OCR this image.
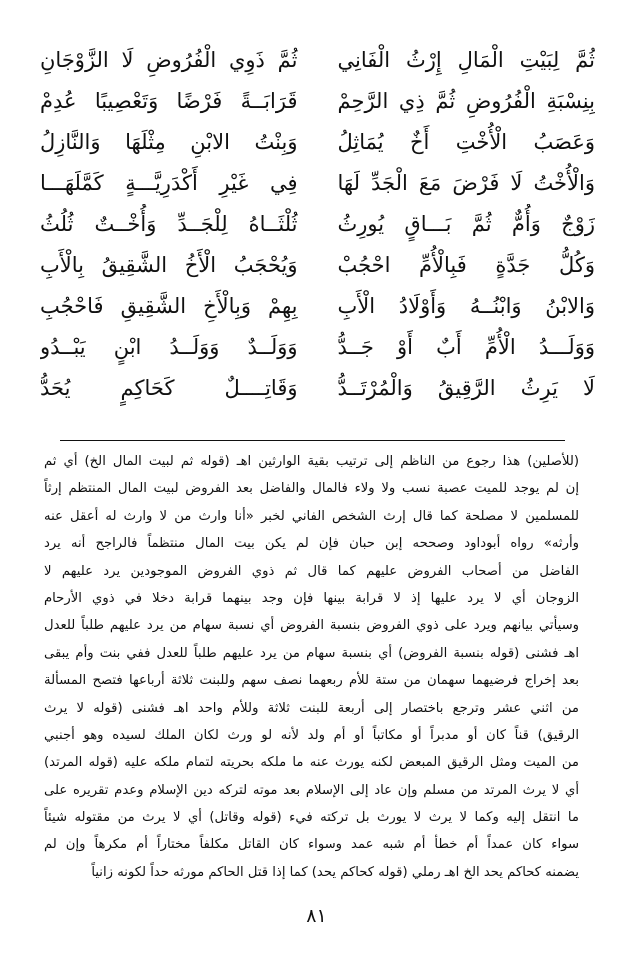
ثُمَّ لِبَيْتِ الْمَالِ إِرْثُ الْفَانِي
بِنِسْبَةِ الْفُرُوضِ ثُمَّ ذِي الرَّحِمْ
وَعَصَبُ الْأُخْتِ أَخٌ يُمَاثِلُ
وَالْأُخْتُ لَا فَرْضَ مَعَ الْجَدِّ لَهَا
زَوْجٌ وَأُمٌّ ثُمَّ بَـــاقٍ يُورِثُ
وَكُلُّ جَدَّةٍ فَبِالْأُمِّ احْجُبْ
وَالابْنُ وَابْنُــهُ وَأَوْلَادُ الْأَبِ
وَوَلَـــدُ الْأُمِّ أَبٌ أَوْ جَــدُّ
لَا يَرِثُ الرَّقِيقُ وَالْمُرْتَــدُّ
ثُمَّ ذَوِي الْفُرُوضِ لَا الزَّوْجَانِ
قَرَابَــةً فَرْضًا وَتَعْصِيبًا عُدِمْ
وَبِنْتُ الابْنِ مِثْلَهَا وَالنَّازِلُ
فِي غَيْرِ أَكْدَرِيَّـــةٍ كَمَّلَهَـــا
ثُلْثَــاهُ لِلْجَــدِّ وَأُخْــتٌ ثُلُثُ
وَيُحْجَبُ الْأَخُ الشَّقِيقُ بِالْأَبِ
بِهِمْ وَبِالْأَخِ الشَّقِيقِ فَاحْجُبِ
وَوَلَــدٌ وَوَلَــدُ ابْنٍ يَبْــدُو
وَقَاتِــــلٌ كَحَاكِمٍ يُحَدُّ
(للأصلين) هذا رجوع من الناظم إلى ترتيب بقية الوارثين اهـ (قوله ثم لبيت المال الخ) أي ثم
إن لم يوجد للميت عصبة نسب ولا ولاء فالمال والفاضل بعد الفروض لبيت المال المنتظم إرثاً
للمسلمين لا مصلحة كما قال إرث الشخص الفاني لخبر «أنا وارث من لا وارث له أعقل عنه
وأرثه» رواه أبوداود وصححه إبن حبان فإن لم يكن بيت المال منتظماً فالراجح أنه يرد
الفاضل من أصحاب الفروض عليهم كما قال ثم ذوي الفروض الموجودين يرد عليهم لا
الزوجان أي لا يرد عليها إذ لا قرابة بينها فإن وجد بينهما قرابة دخلا في ذوي الأرحام
وسيأتي بيانهم ويرد على ذوي الفروض بنسبة الفروض أي نسبة سهام من يرد عليهم طلباً للعدل
اهـ فشنى (قوله بنسبة الفروض) أي بنسبة سهام من يرد عليهم طلباً للعدل ففي بنت وأم يبقى
بعد إخراج فرضيهما سهمان من ستة للأم ربعهما نصف سهم وللبنت ثلاثة أرباعها فتصح المسألة
من اثني عشر وترجع باختصار إلى أربعة للبنت ثلاثة وللأم واحد اهـ فشنى (قوله لا يرث
الرقيق) قناً كان أو مدبراً أو مكاتباً أو أم ولد لأنه لو ورث لكان الملك لسيده وهو أجنبي
من الميت ومثل الرقيق المبعض لكنه يورث عنه ما ملكه بحريته لتمام ملكه عليه (قوله المرتد)
أي لا يرث المرتد من مسلم وإن عاد إلى الإسلام بعد موته لتركه دين الإسلام وعدم تقريره على
ما انتقل إليه وكما لا يرث لا يورث بل تركته فيء (قوله وقاتل) أي لا يرث من مقتوله شيئاً
سواء كان عمداً أم خطأ أم شبه عمد وسواء كان القاتل مكلفاً مختاراً أم مكرهاً وإن لم
يضمنه كحاكم يحد الخ اهـ رملي (قوله كحاكم يحد) كما إذا قتل الحاكم مورثه حداً لكونه زانياً
٨١
